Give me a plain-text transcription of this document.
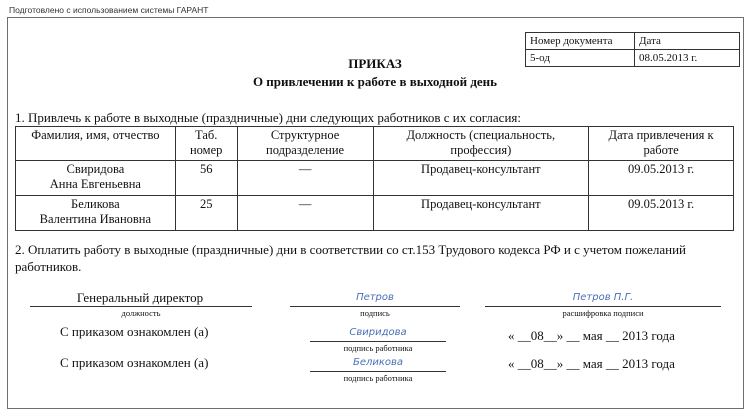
Подготовлено с использованием системы ГАРАНТ
Номер документа	Дата
5-од	08.05.2013 г.
ПРИКАЗ
О привлечении к работе в выходной день
1. Привлечь к работе в выходные (праздничные) дни следующих работников с их согласия:
Фамилия, имя, отчество	Таб. номер	Структурное подразделение	Должность (специальность, профессия)	Дата привлечения к работе

Свиридова
Анна Евгеньевна	56	—	Продавец-консультант	09.05.2013 г.

Беликова
Валентина Ивановна	25	—	Продавец-консультант	09.05.2013 г.
2. Оплатить работу в выходные (праздничные) дни в соответствии со ст.153 Трудового кодекса РФ и с учетом пожеланий работников.
Генеральный директор
должность
Петров
подпись
Петров П.Г.
расшифровка подписи
С приказом ознакомлен (а)	Свиридова
подпись работника
« __08__» __ мая __ 2013 года
С приказом ознакомлен (а)	Беликова
подпись работника
« __08__» __ мая __ 2013 года
